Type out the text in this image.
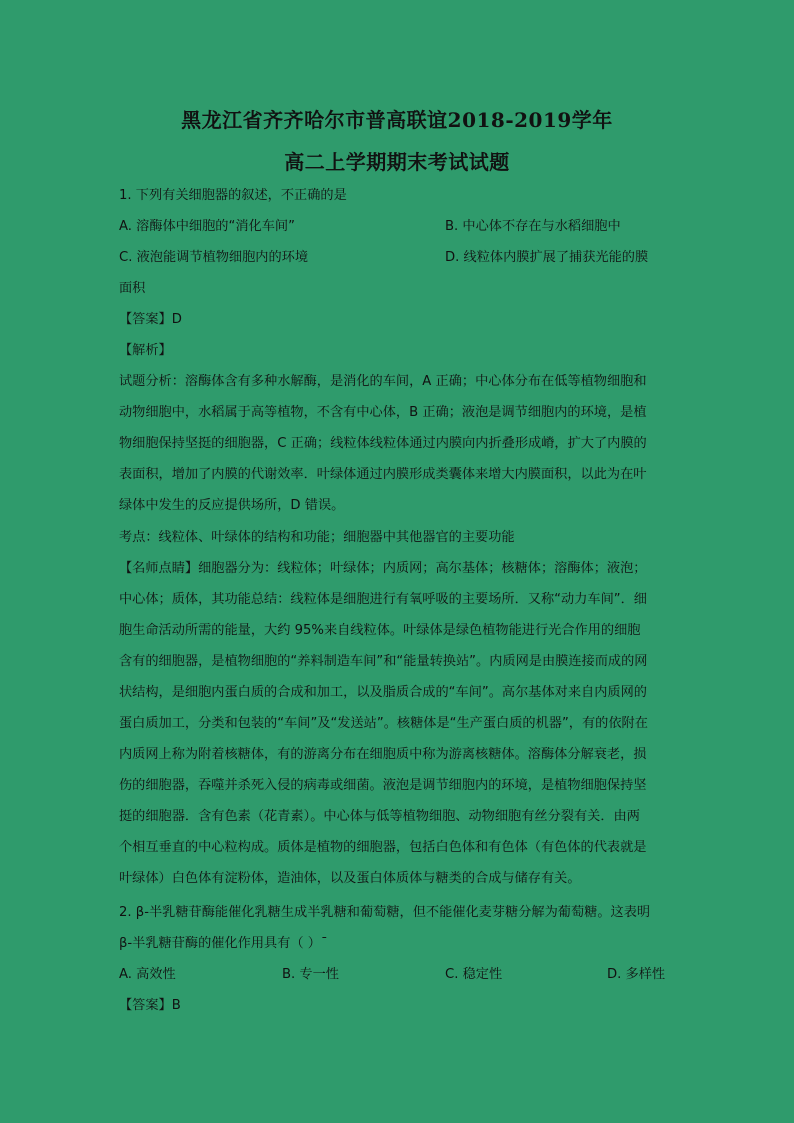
黑龙江省齐齐哈尔市普高联谊2018-2019学年
高二上学期期末考试试题
1. 下列有关细胞器的叙述，不正确的是
A. 溶酶体中细胞的“消化车间”	B. 中心体不存在与水稻细胞中
C. 液泡能调节植物细胞内的环境	D. 线粒体内膜扩展了捕获光能的膜
面积
【答案】D
【解析】
试题分析：溶酶体含有多种水解酶，是消化的车间，A 正确；中心体分布在低等植物细胞和
动物细胞中，水稻属于高等植物，不含有中心体，B 正确；液泡是调节细胞内的环境，是植
物细胞保持坚挺的细胞器，C 正确；线粒体线粒体通过内膜向内折叠形成嵴，扩大了内膜的
表面积，增加了内膜的代谢效率．叶绿体通过内膜形成类囊体来增大内膜面积，以此为在叶
绿体中发生的反应提供场所，D 错误。
考点：线粒体、叶绿体的结构和功能；细胞器中其他器官的主要功能
【名师点睛】细胞器分为：线粒体；叶绿体；内质网；高尔基体；核糖体；溶酶体；液泡；
中心体；质体，其功能总结：线粒体是细胞进行有氧呼吸的主要场所．又称“动力车间”．细
胞生命活动所需的能量，大约 95%来自线粒体。叶绿体是绿色植物能进行光合作用的细胞
含有的细胞器，是植物细胞的“养料制造车间”和“能量转换站”。内质网是由膜连接而成的网
状结构，是细胞内蛋白质的合成和加工，以及脂质合成的“车间”。高尔基体对来自内质网的
蛋白质加工，分类和包装的“车间”及“发送站”。核糖体是“生产蛋白质的机器”，有的依附在
内质网上称为附着核糖体，有的游离分布在细胞质中称为游离核糖体。溶酶体分解衰老，损
伤的细胞器，吞噬并杀死入侵的病毒或细菌。液泡是调节细胞内的环境，是植物细胞保持坚
挺的细胞器．含有色素（花青素）。中心体与低等植物细胞、动物细胞有丝分裂有关．由两
个相互垂直的中心粒构成。质体是植物的细胞器，包括白色体和有色体（有色体的代表就是
叶绿体）白色体有淀粉体，造油体，以及蛋白体质体与糖类的合成与储存有关。
2. β-半乳糖苷酶能催化乳糖生成半乳糖和葡萄糖，但不能催化麦芽糖分解为葡萄糖。这表明
β-半乳糖苷酶的催化作用具有（ ）ˉ
A. 高效性	B. 专一性	C. 稳定性	D. 多样性
【答案】B
